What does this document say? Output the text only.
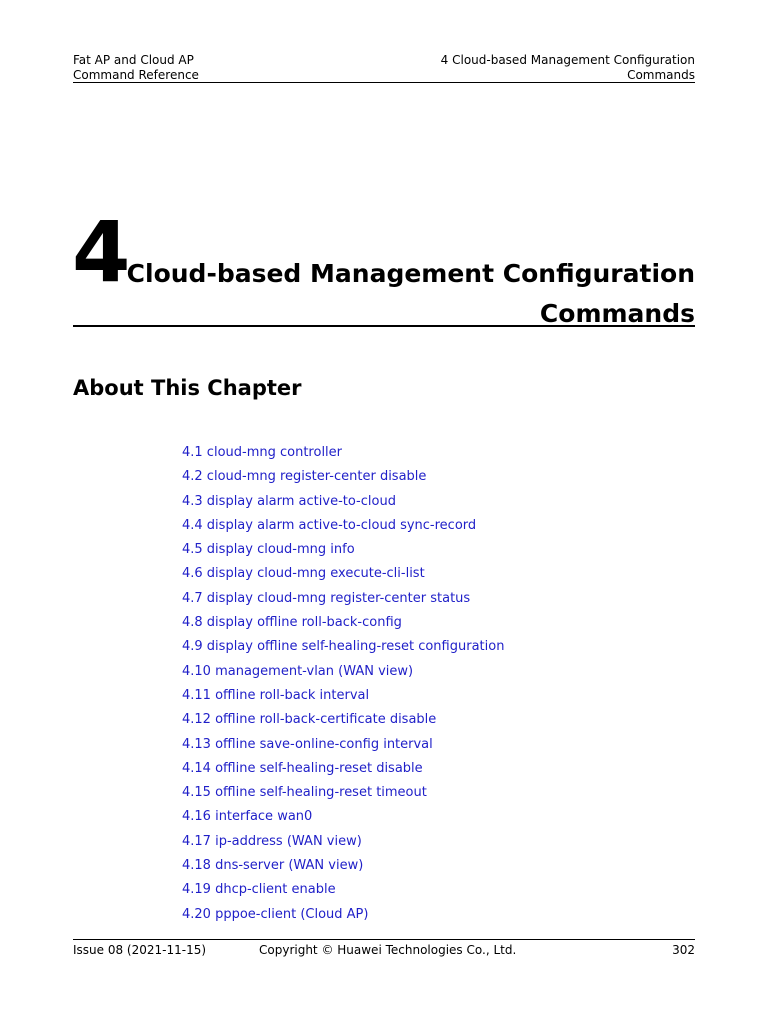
Fat AP and Cloud AP
Command Reference
4 Cloud-based Management Configuration
Commands
4
Cloud-based Management Configuration
Commands
About This Chapter
4.1 cloud-mng controller
4.2 cloud-mng register-center disable
4.3 display alarm active-to-cloud
4.4 display alarm active-to-cloud sync-record
4.5 display cloud-mng info
4.6 display cloud-mng execute-cli-list
4.7 display cloud-mng register-center status
4.8 display offline roll-back-config
4.9 display offline self-healing-reset configuration
4.10 management-vlan (WAN view)
4.11 offline roll-back interval
4.12 offline roll-back-certificate disable
4.13 offline save-online-config interval
4.14 offline self-healing-reset disable
4.15 offline self-healing-reset timeout
4.16 interface wan0
4.17 ip-address (WAN view)
4.18 dns-server (WAN view)
4.19 dhcp-client enable
4.20 pppoe-client (Cloud AP)
Issue 08 (2021-11-15)	Copyright © Huawei Technologies Co., Ltd.	302
